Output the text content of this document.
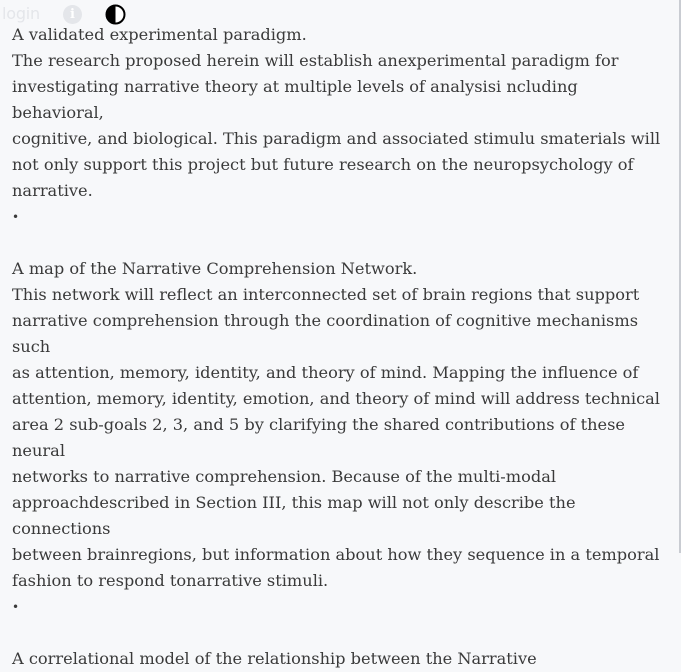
login	i

A validated experimental paradigm.

The research proposed herein will establish anexperimental paradigm for

investigating narrative theory at multiple levels of analysisi ncluding behavioral,

cognitive, and biological. This paradigm and associated stimulu smaterials will

not only support this project but future research on the neuropsychology of

narrative.

•

A map of the Narrative Comprehension Network.

This network will reflect an interconnected set of brain regions that support

narrative comprehension through the coordination of cognitive mechanisms such

as attention, memory, identity, and theory of mind. Mapping the influence of

attention, memory, identity, emotion, and theory of mind will address technical

area 2 sub-goals 2, 3, and 5 by clarifying the shared contributions of these neural

networks to narrative comprehension. Because of the multi-modal

approachdescribed in Section III, this map will not only describe the connections

between brainregions, but information about how they sequence in a temporal

fashion to respond tonarrative stimuli.

•

A correlational model of the relationship between the Narrative
